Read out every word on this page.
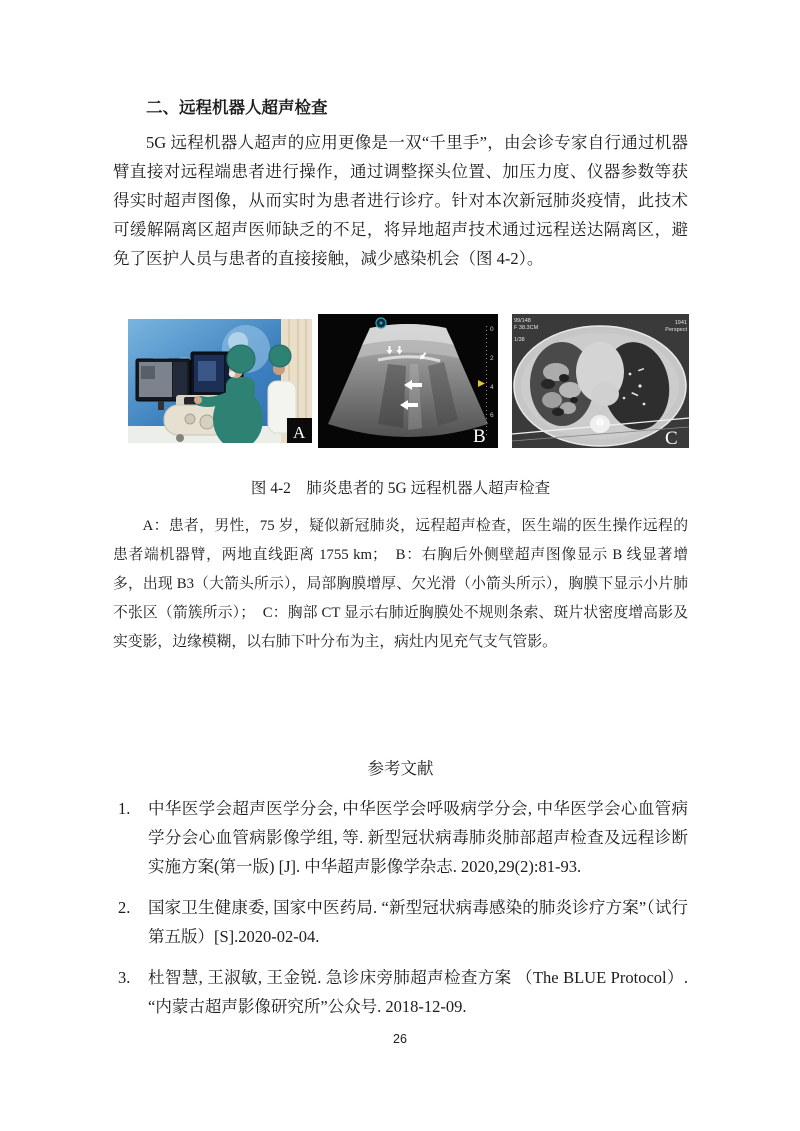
二、远程机器人超声检查

5G 远程机器人超声的应用更像是一双“千里手”，由会诊专家自行通过机器臂直接对远程端患者进行操作，通过调整探头位置、加压力度、仪器参数等获得实时超声图像，从而实时为患者进行诊疗。针对本次新冠肺炎疫情，此技术可缓解隔离区超声医师缺乏的不足，将异地超声技术通过远程送达隔离区，避免了医护人员与患者的直接接触，减少感染机会（图 4-2）。

A
0
2
4
6
B
99/148
F 38.3CM
1/38
1941
Perspect
C
图 4-2　肺炎患者的 5G 远程机器人超声检查

A：患者，男性，75 岁，疑似新冠肺炎，远程超声检查，医生端的医生操作远程的患者端机器臂，两地直线距离 1755 km；　B：右胸后外侧壁超声图像显示 B 线显著增多，出现 B3（大箭头所示），局部胸膜增厚、欠光滑（小箭头所示），胸膜下显示小片肺不张区（箭簇所示）；　C：胸部 CT 显示右肺近胸膜处不规则条索、斑片状密度增高影及实变影，边缘模糊，以右肺下叶分布为主，病灶内见充气支气管影。

参考文献
1.	中华医学会超声医学分会, 中华医学会呼吸病学分会, 中华医学会心血管病学分会心血管病影像学组, 等. 新型冠状病毒肺炎肺部超声检查及远程诊断实施方案(第一版) [J]. 中华超声影像学杂志. 2020,29(2):81-93.
2.	国家卫生健康委, 国家中医药局. “新型冠状病毒感染的肺炎诊疗方案”（试行第五版）[S].2020-02-04.
3.	杜智慧, 王淑敏, 王金锐. 急诊床旁肺超声检查方案 （The BLUE Protocol）. “内蒙古超声影像研究所”公众号. 2018-12-09.
26
